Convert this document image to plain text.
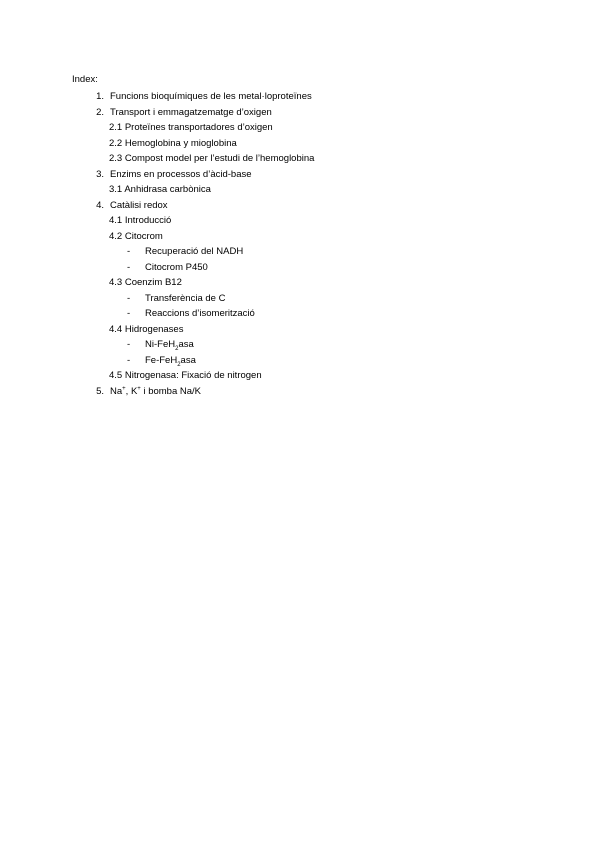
Index:
1. Funcions bioquímiques de les metal·loproteïnes
2. Transport i emmagatzematge d’oxigen
2.1 Proteïnes transportadores d’oxigen
2.2 Hemoglobina y mioglobina
2.3 Compost model per l’estudi de l’hemoglobina
3. Enzims en processos d’àcid-base
3.1 Anhidrasa carbònica
4. Catàlisi redox
4.1 Introducció
4.2 Citocrom
- Recuperació del NADH
- Citocrom P450
4.3 Coenzim B12
- Transferència de C
- Reaccions d’isomerització
4.4 Hidrogenases
- Ni-FeH$_2$asa
- Fe-FeH$_2$asa
4.5 Nitrogenasa: Fixació de nitrogen
5. Na+, K+ i bomba Na/K
